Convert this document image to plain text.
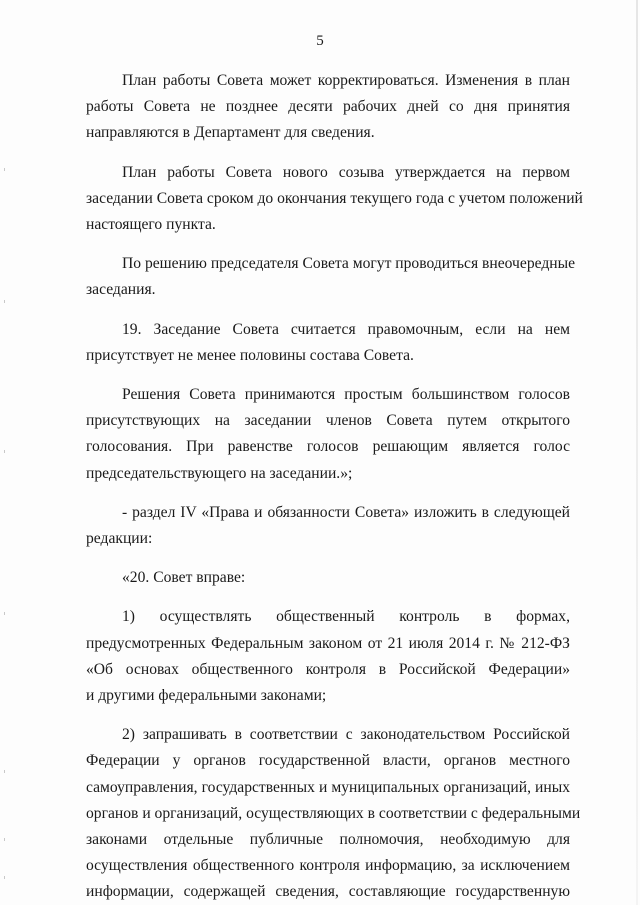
5

План работы Совета может корректироваться. Изменения в план
работы Совета не позднее десяти рабочих дней со дня принятия
направляются в Департамент для сведения.

План работы Совета нового созыва утверждается на первом
заседании Совета сроком до окончания текущего года с учетом положений
настоящего пункта.

По решению председателя Совета могут проводиться внеочередные
заседания.

19. Заседание Совета считается правомочным, если на нем
присутствует не менее половины состава Совета.

Решения Совета принимаются простым большинством голосов
присутствующих на заседании членов Совета путем открытого
голосования. При равенстве голосов решающим является голос
председательствующего на заседании.»;

- раздел IV «Права и обязанности Совета» изложить в следующей
редакции:

«20. Совет вправе:

1) осуществлять общественный контроль в формах,
предусмотренных Федеральным законом от 21 июля 2014 г. № 212-ФЗ
«Об основах общественного контроля в Российской Федерации»
и другими федеральными законами;

2) запрашивать в соответствии с законодательством Российской
Федерации у органов государственной власти, органов местного
самоуправления, государственных и муниципальных организаций, иных
органов и организаций, осуществляющих в соответствии с федеральными
законами отдельные публичные полномочия, необходимую для
осуществления общественного контроля информацию, за исключением
информации, содержащей сведения, составляющие государственную
